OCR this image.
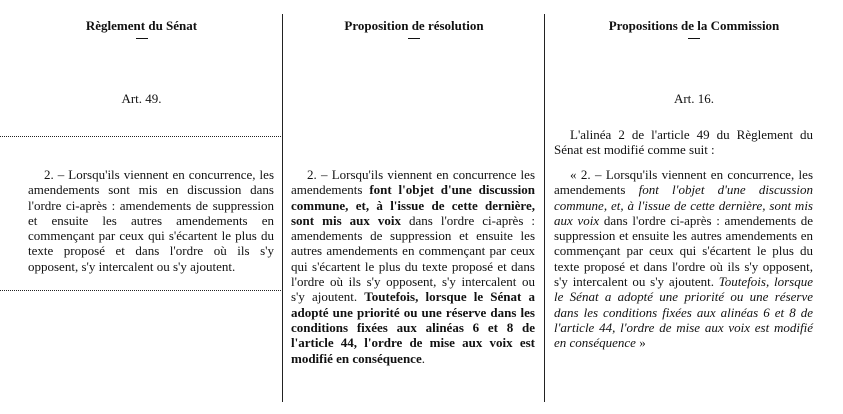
Règlement du Sénat
Art. 49.
2. – Lorsqu'ils viennent en concurrence, les amendements sont mis en discussion dans l'ordre ci-après : amendements de suppression et ensuite les autres amendements en commençant par ceux qui s'écartent le plus du texte proposé et dans l'ordre où ils s'y opposent, s'y intercalent ou s'y ajoutent.
Proposition de résolution
2. – Lorsqu'ils viennent en concurrence les amendements font l'objet d'une discussion commune, et, à l'issue de cette dernière, sont mis aux voix dans l'ordre ci-après : amendements de suppression et ensuite les autres amendements en commençant par ceux qui s'écartent le plus du texte proposé et dans l'ordre où ils s'y opposent, s'y intercalent ou s'y ajoutent. Toutefois, lorsque le Sénat a adopté une priorité ou une réserve dans les conditions fixées aux alinéas 6 et 8 de l'article 44, l'ordre de mise aux voix est modifié en conséquence.
Propositions de la Commission
Art. 16.
L'alinéa 2 de l'article 49 du Règlement du Sénat est modifié comme suit :
« 2. – Lorsqu'ils viennent en concurrence, les amendements font l'objet d'une discussion commune, et, à l'issue de cette dernière, sont mis aux voix dans l'ordre ci-après : amendements de suppression et ensuite les autres amendements en commençant par ceux qui s'écartent le plus du texte proposé et dans l'ordre où ils s'y opposent, s'y intercalent ou s'y ajoutent. Toutefois, lorsque le Sénat a adopté une priorité ou une réserve dans les conditions fixées aux alinéas 6 et 8 de l'article 44, l'ordre de mise aux voix est modifié en conséquence »
